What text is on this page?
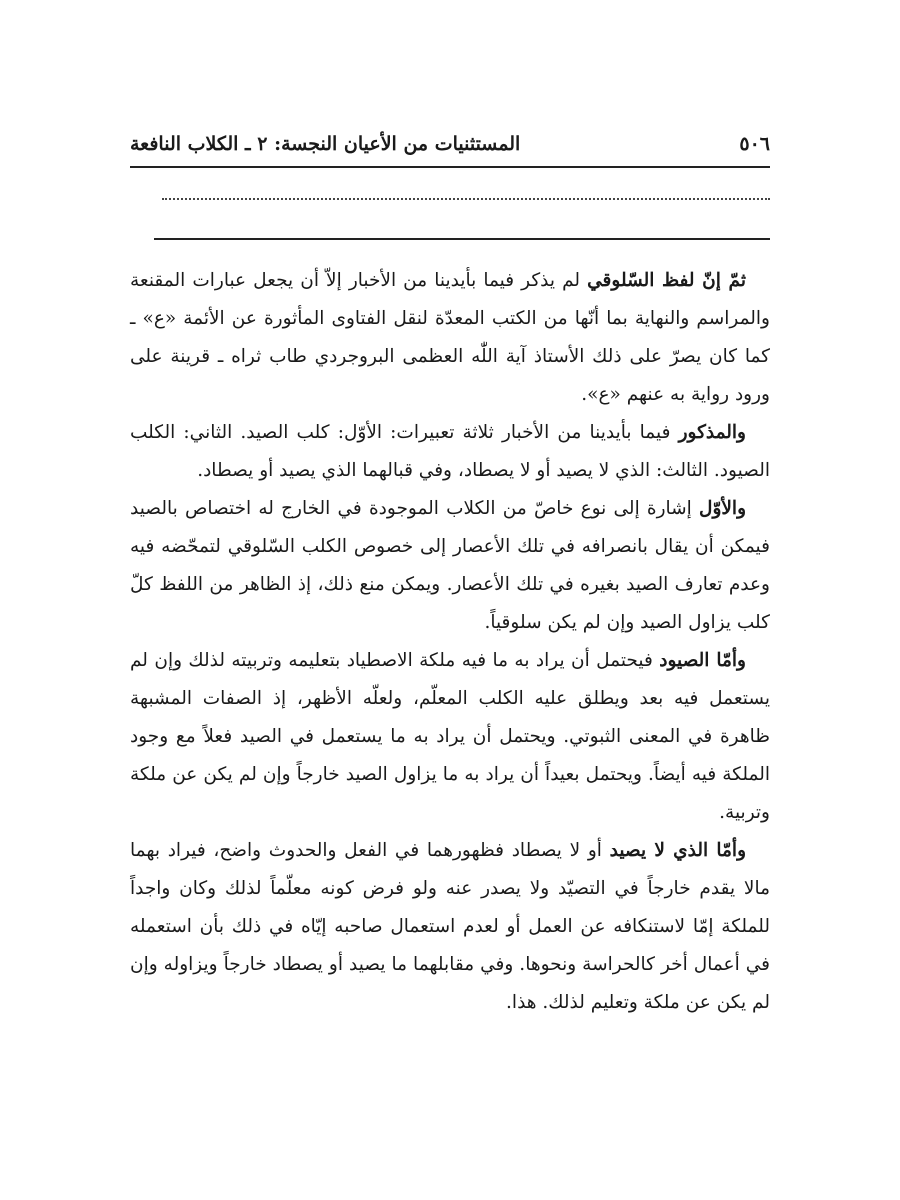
٥٠٦
المستثنيات من الأعيان النجسة: ٢ ـ الكلاب النافعة

ثمّ إنّ لفظ السّلوقي لم يذكر فيما بأيدينا من الأخبار إلاّ أن يجعل عبارات المقنعة والمراسم والنهاية بما أنّها من الكتب المعدّة لنقل الفتاوى المأثورة عن الأئمة «ع» ـ كما كان يصرّ على ذلك الأستاذ آية اللّٰه العظمى البروجردي طاب ثراه ـ قرينة على ورود رواية به عنهم «ع».

والمذكور فيما بأيدينا من الأخبار ثلاثة تعبيرات: الأوّل: كلب الصيد. الثاني: الكلب الصيود. الثالث: الذي لا يصيد أو لا يصطاد، وفي قبالهما الذي يصيد أو يصطاد.

والأوّل إشارة إلى نوع خاصّ من الكلاب الموجودة في الخارج له اختصاص بالصيد فيمكن أن يقال بانصرافه في تلك الأعصار إلى خصوص الكلب السّلوقي لتمحّضه فيه وعدم تعارف الصيد بغيره في تلك الأعصار. ويمكن منع ذلك، إذ الظاهر من اللفظ كلّ كلب يزاول الصيد وإن لم يكن سلوقياً.

وأمّا الصيود فيحتمل أن يراد به ما فيه ملكة الاصطياد بتعليمه وتربيته لذلك وإن لم يستعمل فيه بعد ويطلق عليه الكلب المعلّم، ولعلّه الأظهر، إذ الصفات المشبهة ظاهرة في المعنى الثبوتي. ويحتمل أن يراد به ما يستعمل في الصيد فعلاً مع وجود الملكة فيه أيضاً. ويحتمل بعيداً أن يراد به ما يزاول الصيد خارجاً وإن لم يكن عن ملكة وتربية.

وأمّا الذي لا يصيد أو لا يصطاد فظهورهما في الفعل والحدوث واضح، فيراد بهما مالا يقدم خارجاً في التصيّد ولا يصدر عنه ولو فرض كونه معلّماً لذلك وكان واجداً للملكة إمّا لاستنكافه عن العمل أو لعدم استعمال صاحبه إيّاه في ذلك بأن استعمله في أعمال أخر كالحراسة ونحوها. وفي مقابلهما ما يصيد أو يصطاد خارجاً ويزاوله وإن لم يكن عن ملكة وتعليم لذلك. هذا.
